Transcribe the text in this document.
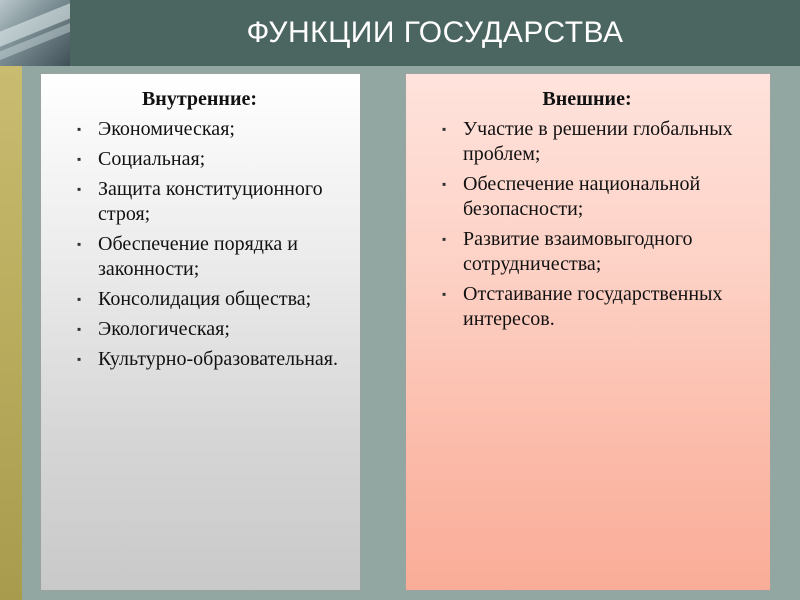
ФУНКЦИИ ГОСУДАРСТВА
Внутренние:
▪ Экономическая;
▪ Социальная;
▪ Защита конституционного строя;
▪ Обеспечение порядка и законности;
▪ Консолидация общества;
▪ Экологическая;
▪ Культурно-образовательная.
Внешние:
▪ Участие в решении глобальных проблем;
▪ Обеспечение национальной безопасности;
▪ Развитие взаимовыгодного сотрудничества;
▪ Отстаивание государственных интересов.
